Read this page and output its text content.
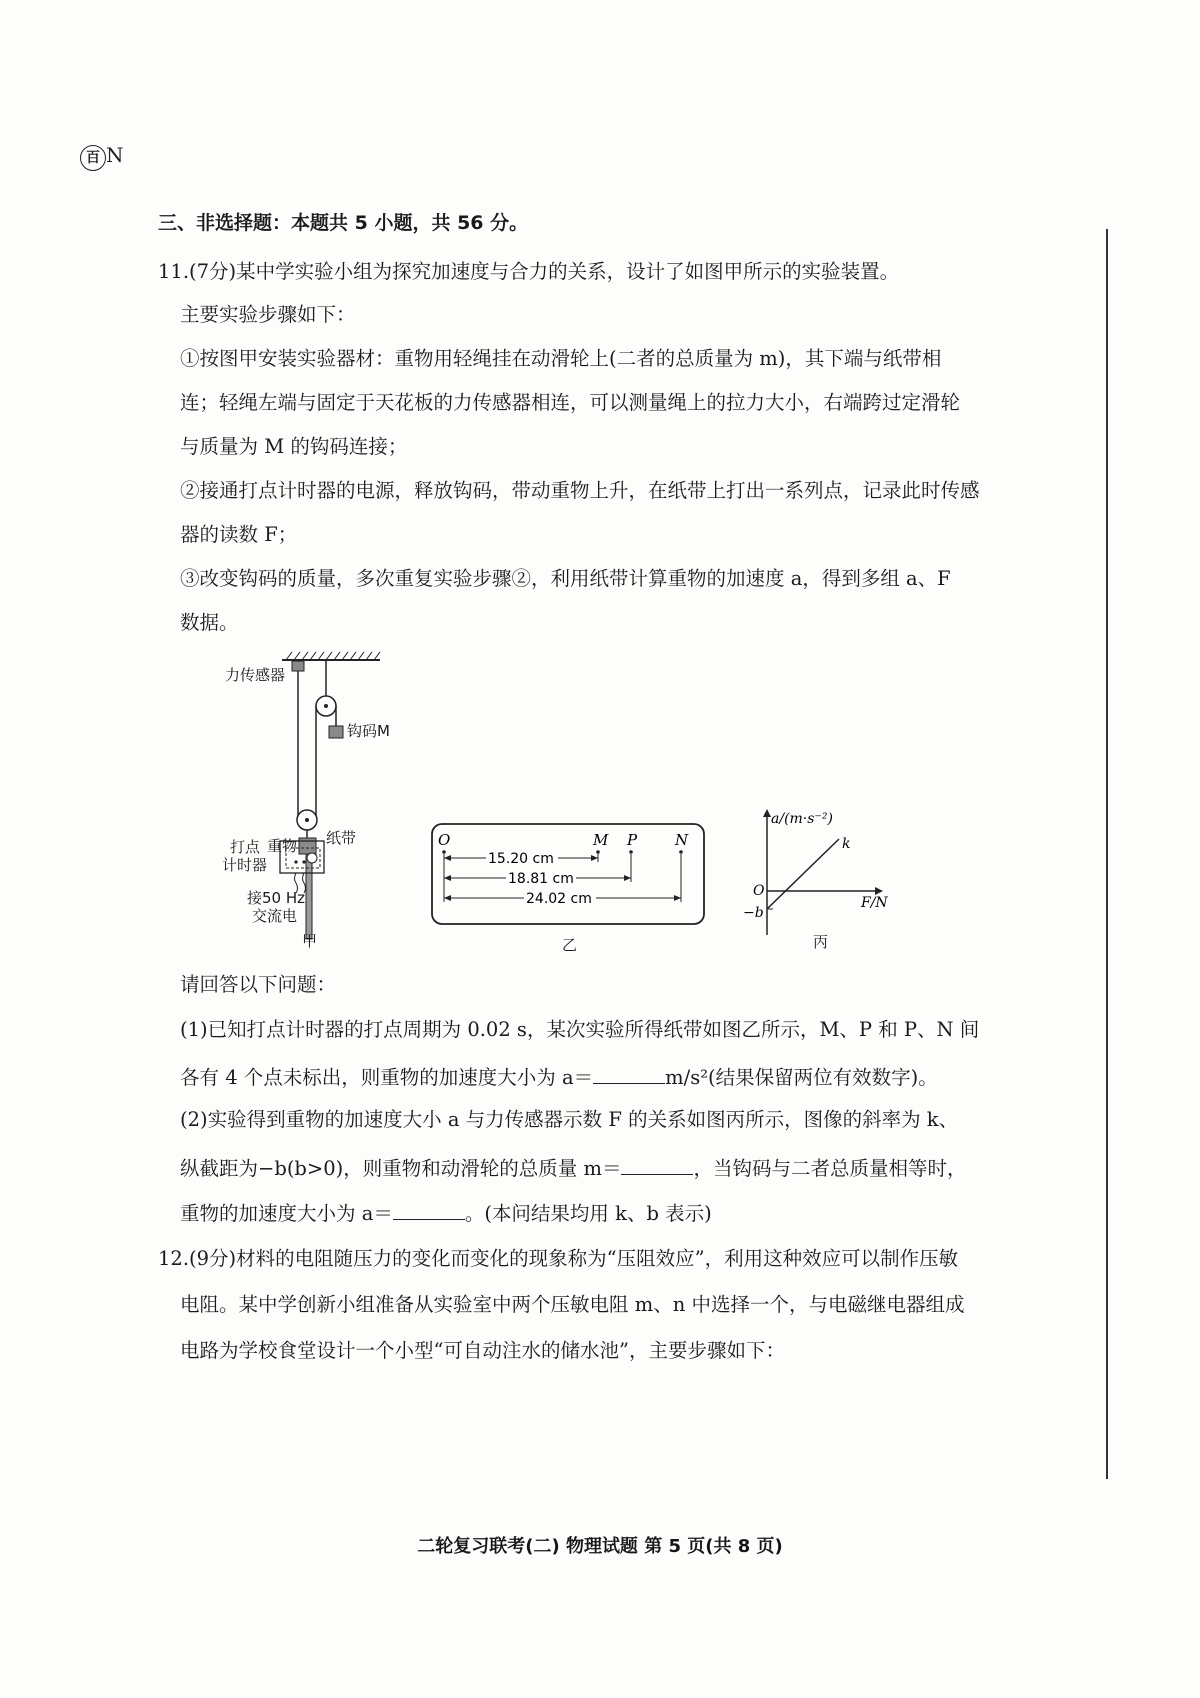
百 N
三、非选择题：本题共 5 小题，共 56 分。
11.(7分)某中学实验小组为探究加速度与合力的关系，设计了如图甲所示的实验装置。
主要实验步骤如下：
①按图甲安装实验器材：重物用轻绳挂在动滑轮上(二者的总质量为 m)，其下端与纸带相
连；轻绳左端与固定于天花板的力传感器相连，可以测量绳上的拉力大小，右端跨过定滑轮
与质量为 M 的钩码连接；
②接通打点计时器的电源，释放钩码，带动重物上升，在纸带上打出一系列点，记录此时传感
器的读数 F；
③改变钩码的质量，多次重复实验步骤②，利用纸带计算重物的加速度 a，得到多组 a、F
数据。
力传感器
钩码M
重物 纸带
打点
计时器
接50 Hz
交流电
甲
O	M P	N
15.20 cm
18.81 cm
24.02 cm
乙
a/(m·s⁻²)
F/N
O
−b
k
丙
请回答以下问题：
(1)已知打点计时器的打点周期为 0.02 s，某次实验所得纸带如图乙所示，M、P 和 P、N 间
各有 4 个点未标出，则重物的加速度大小为 a＝	m/s²(结果保留两位有效数字)。
(2)实验得到重物的加速度大小 a 与力传感器示数 F 的关系如图丙所示，图像的斜率为 k、
纵截距为−b(b>0)，则重物和动滑轮的总质量 m＝	，当钩码与二者总质量相等时，
重物的加速度大小为 a＝	。(本问结果均用 k、b 表示)
12.(9分)材料的电阻随压力的变化而变化的现象称为“压阻效应”，利用这种效应可以制作压敏
电阻。某中学创新小组准备从实验室中两个压敏电阻 m、n 中选择一个，与电磁继电器组成
电路为学校食堂设计一个小型“可自动注水的储水池”，主要步骤如下：
二轮复习联考(二) 物理试题 第 5 页(共 8 页)
